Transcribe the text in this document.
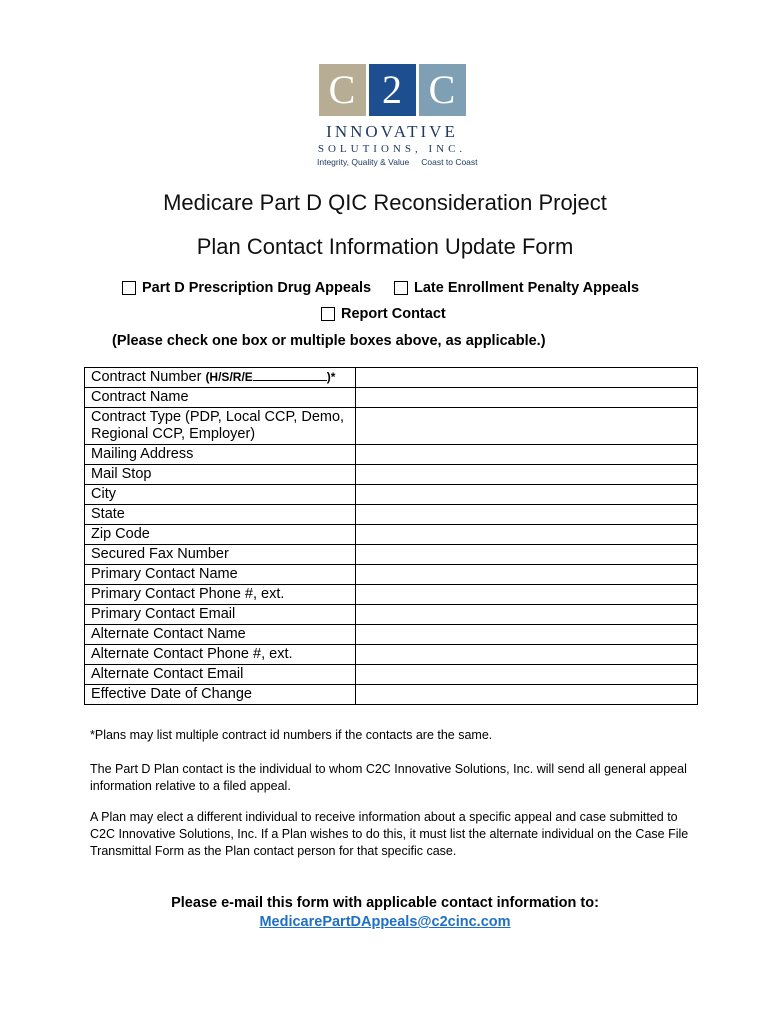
C 2 C
INNOVATIVE
SOLUTIONS, INC.
Integrity, Quality & Value Coast to Coast
Medicare Part D QIC Reconsideration Project
Plan Contact Information Update Form
Part D Prescription Drug Appeals	Late Enrollment Penalty Appeals
Report Contact
(Please check one box or multiple boxes above, as applicable.)
Contract Number (H/S/R/E )*	
Contract Name	
Contract Type (PDP, Local CCP, Demo, Regional CCP, Employer)	
Mailing Address	
Mail Stop	
City	
State	
Zip Code	
Secured Fax Number	
Primary Contact Name	
Primary Contact Phone #, ext.	
Primary Contact Email	
Alternate Contact Name	
Alternate Contact Phone #, ext.	
Alternate Contact Email	
Effective Date of Change	
*Plans may list multiple contract id numbers if the contacts are the same.
The Part D Plan contact is the individual to whom C2C Innovative Solutions, Inc. will send all general appeal information relative to a filed appeal.
A Plan may elect a different individual to receive information about a specific appeal and case submitted to C2C Innovative Solutions, Inc. If a Plan wishes to do this, it must list the alternate individual on the Case File Transmittal Form as the Plan contact person for that specific case.
Please e-mail this form with applicable contact information to:
MedicarePartDAppeals@c2cinc.com
